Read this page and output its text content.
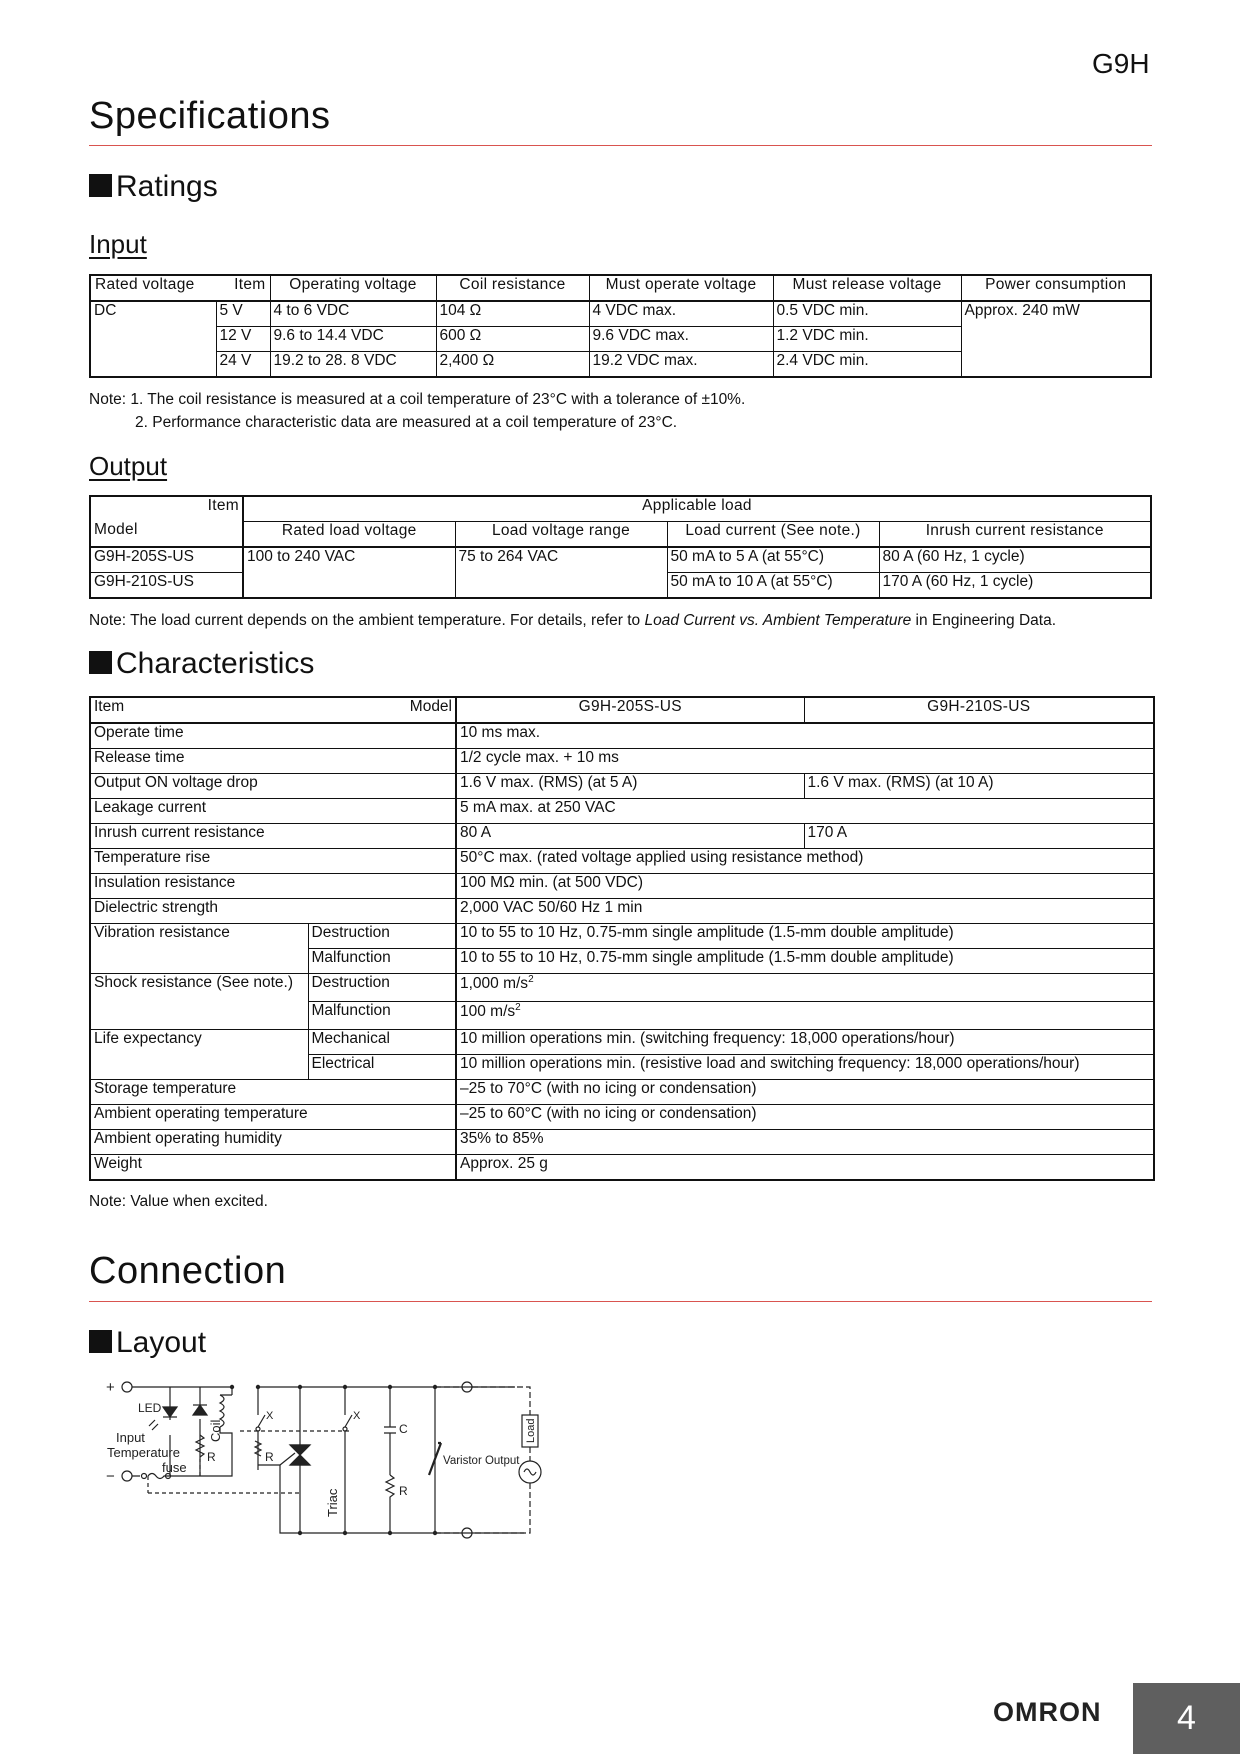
G9H
Specifications
Ratings
Input
Rated voltage Item		Operating voltage	Coil resistance	Must operate voltage	Must release voltage	Power consumption
DC	5 V	4 to 6 VDC	104 Ω	4 VDC max.	0.5 VDC min.	Approx. 240 mW
	12 V	9.6 to 14.4 VDC	600 Ω	9.6 VDC max.	1.2 VDC min.	
	24 V	19.2 to 28. 8 VDC	2,400 Ω	19.2 VDC max.	2.4 VDC min.	
Note: 1. The coil resistance is measured at a coil temperature of 23°C with a tolerance of ±10%.
2. Performance characteristic data are measured at a coil temperature of 23°C.
Output
Item
Model	Applicable load			
	Rated load voltage	Load voltage range	Load current (See note.)	Inrush current resistance
G9H-205S-US	100 to 240 VAC	75 to 264 VAC	50 mA to 5 A (at 55°C)	80 A (60 Hz, 1 cycle)
G9H-210S-US			50 mA to 10 A (at 55°C)	170 A (60 Hz, 1 cycle)
Note: The load current depends on the ambient temperature. For details, refer to Load Current vs. Ambient Temperature in Engineering Data.
Characteristics
Item Model		G9H-205S-US	G9H-210S-US
Operate time		10 ms max.	
Release time		1/2 cycle max. + 10 ms	
Output ON voltage drop		1.6 V max. (RMS) (at 5 A)	1.6 V max. (RMS) (at 10 A)
Leakage current		5 mA max. at 250 VAC	
Inrush current resistance		80 A	170 A
Temperature rise		50°C max. (rated voltage applied using resistance method)	
Insulation resistance		100 MΩ min. (at 500 VDC)	
Dielectric strength		2,000 VAC 50/60 Hz 1 min	
Vibration resistance	Destruction	10 to 55 to 10 Hz, 0.75-mm single amplitude (1.5-mm double amplitude)	
	Malfunction	10 to 55 to 10 Hz, 0.75-mm single amplitude (1.5-mm double amplitude)	
Shock resistance (See note.)	Destruction	1,000 $m/s^2$
	Malfunction	100 $m/s^2$
Life expectancy	Mechanical	10 million operations min. (switching frequency: 18,000 operations/hour)	
	Electrical	10 million operations min. (resistive load and switching frequency: 18,000 operations/hour)	
Storage temperature		–25 to 70°C (with no icing or condensation)	
Ambient operating temperature		–25 to 60°C (with no icing or condensation)	
Ambient operating humidity		35% to 85%	
Weight		Approx. 25 g	
Note: Value when excited.
Connection
Layout
+
−
LED
Input
Temperature
fuse
R
Coil
X	X
R
Triac
C
R
Varistor Output
Load
OMRON	4
